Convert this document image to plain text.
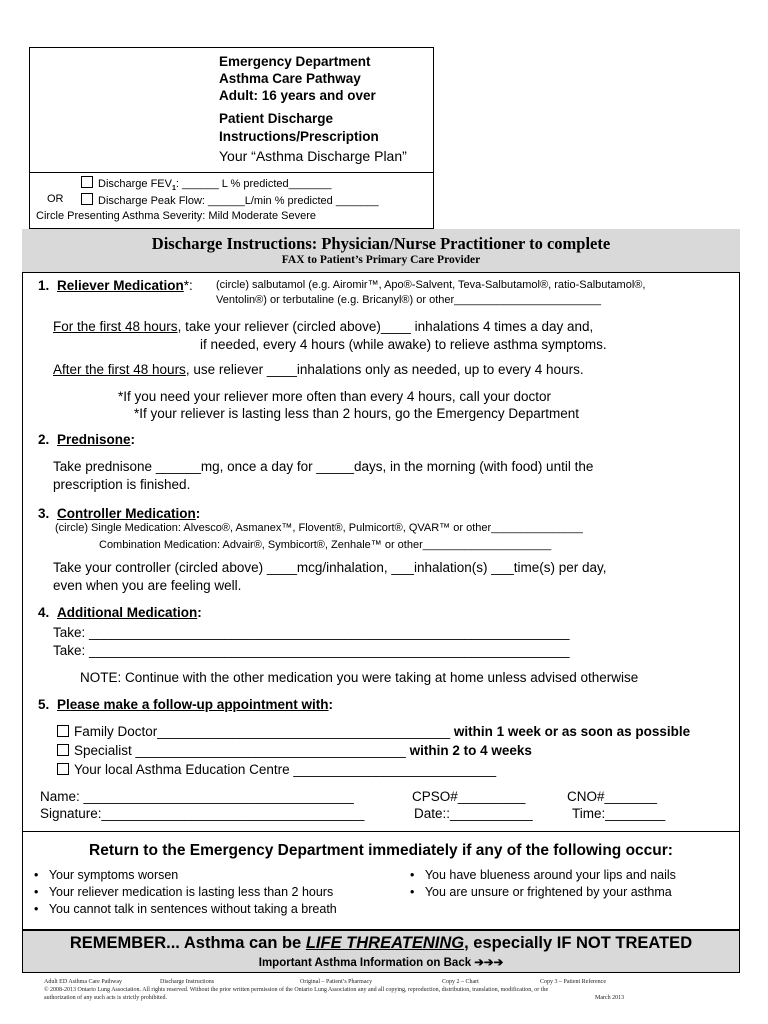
Emergency Department
Asthma Care Pathway
Adult: 16 years and over
Patient Discharge
Instructions/Prescription
Your “Asthma Discharge Plan”
Discharge $FEV_1$: ______ L % predicted_______
OR	Discharge Peak Flow: ______L/min % predicted _______
Circle Presenting Asthma Severity: Mild Moderate Severe
Discharge Instructions: Physician/Nurse Practitioner to complete
FAX to Patient’s Primary Care Provider
1. Reliever Medication*: (circle) salbutamol (e.g. Airomir™, Apo®-Salvent, Teva-Salbutamol®, ratio-Salbutamol®,
Ventolin®) or terbutaline (e.g. Bricanyl®) or other________________________
For the first 48 hours, take your reliever (circled above)____ inhalations 4 times a day and,
if needed, every 4 hours (while awake) to relieve asthma symptoms.
After the first 48 hours, use reliever ____inhalations only as needed, up to every 4 hours.
*If you need your reliever more often than every 4 hours, call your doctor
*If your reliever is lasting less than 2 hours, go the Emergency Department
2. Prednisone:
Take prednisone ______mg, once a day for _____days, in the morning (with food) until the
prescription is finished.
3. Controller Medication:
(circle) Single Medication: Alvesco®, Asmanex™, Flovent®, Pulmicort®, QVAR™ or other_______________
Combination Medication: Advair®, Symbicort®, Zenhale™ or other_____________________
Take your controller (circled above) ____mcg/inhalation, ___inhalation(s) ___time(s) per day,
even when you are feeling well.
4. Additional Medication:
Take: ________________________________________________________________
Take: ________________________________________________________________
NOTE: Continue with the other medication you were taking at home unless advised otherwise
5. Please make a follow-up appointment with:
Family Doctor_______________________________________ within 1 week or as soon as possible
Specialist ____________________________________ within 2 to 4 weeks
Your local Asthma Education Centre ___________________________
Name: ____________________________________	CPSO#_________	CNO#_______
Signature:___________________________________	Date::___________	Time:________
Return to the Emergency Department immediately if any of the following occur:
• Your symptoms worsen
• Your reliever medication is lasting less than 2 hours
• You cannot talk in sentences without taking a breath
• You have blueness around your lips and nails
• You are unsure or frightened by your asthma
REMEMBER... Asthma can be LIFE THREATENING, especially IF NOT TREATED
Important Asthma Information on Back ➔➔➔
Adult ED Asthma Care Pathway	Discharge Instructions	Original – Patient’s Pharmacy	Copy 2 – Chart	Copy 3 – Patient Reference
© 2008-2013 Ontario Lung Association. All rights reserved. Without the prior written permission of the Ontario Lung Association any and all copying, reproduction, distribution, translation, modification, or the
authorization of any such acts is strictly prohibited.	March 2013
